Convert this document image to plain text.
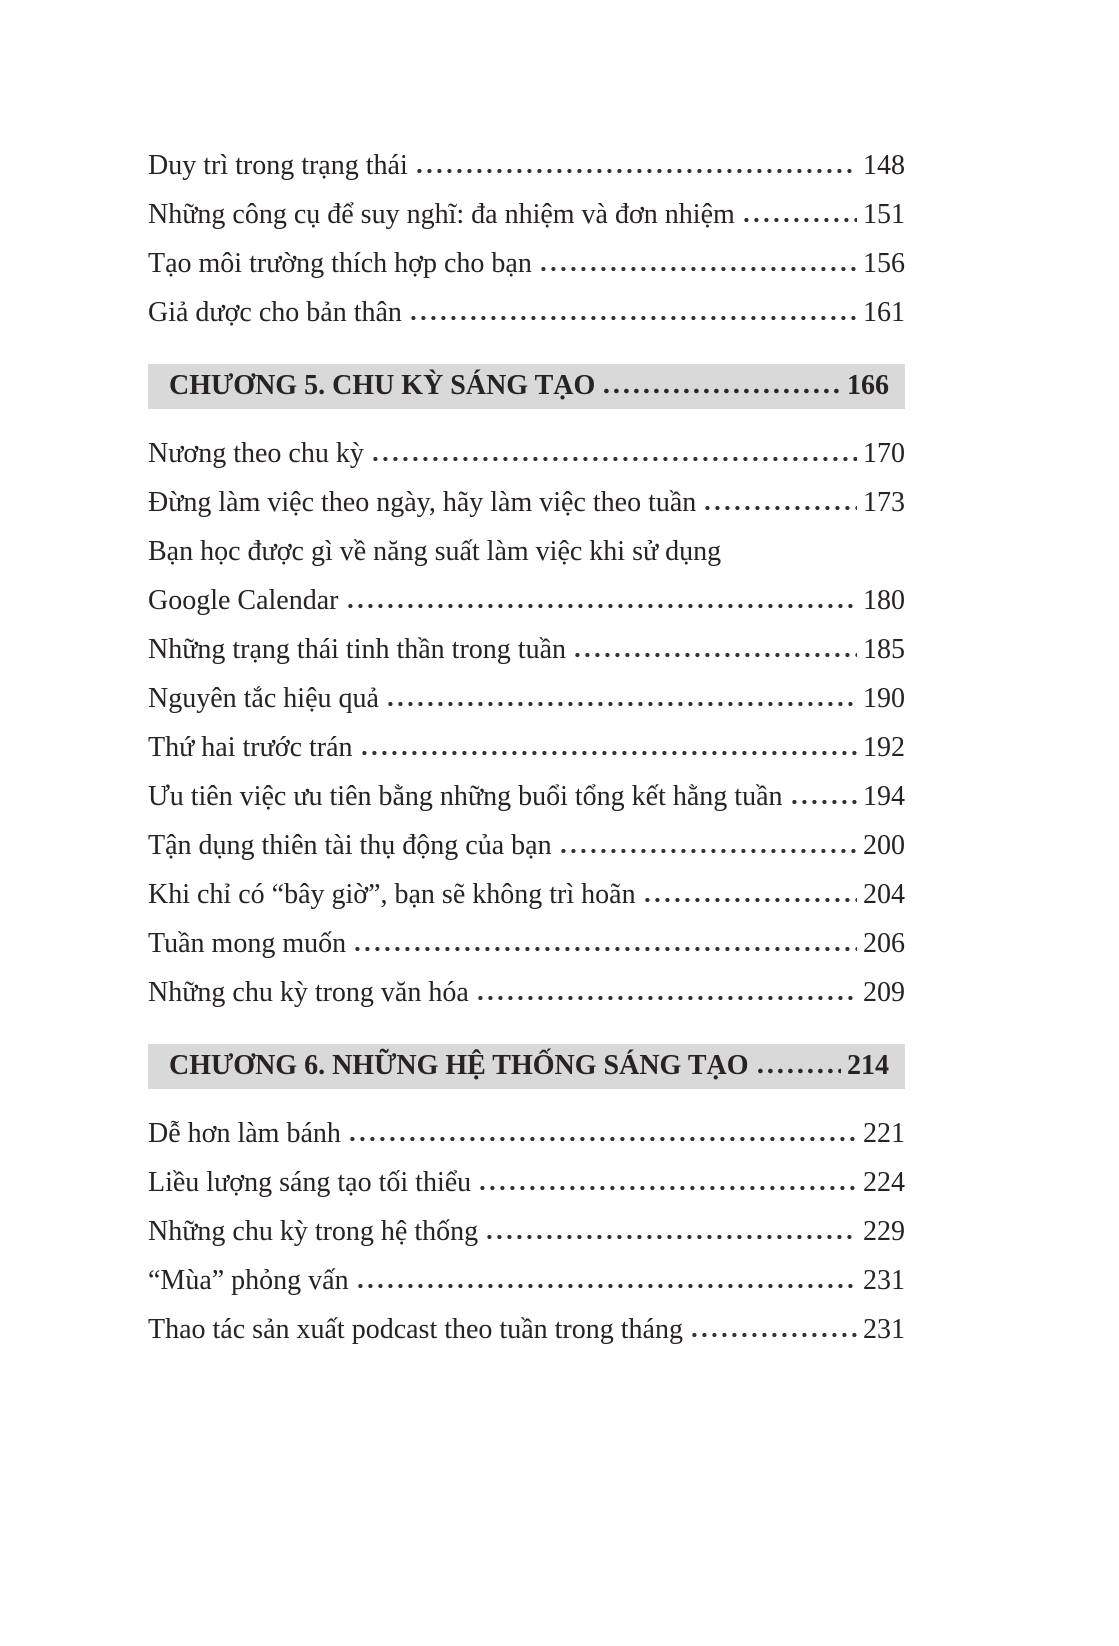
Duy trì trong trạng thái	148
Những công cụ để suy nghĩ: đa nhiệm và đơn nhiệm	151
Tạo môi trường thích hợp cho bạn	156
Giả dược cho bản thân	161
CHƯƠNG 5. CHU KỲ SÁNG TẠO	166
Nương theo chu kỳ	170
Đừng làm việc theo ngày, hãy làm việc theo tuần	173
Bạn học được gì về năng suất làm việc khi sử dụng
Google Calendar	180
Những trạng thái tinh thần trong tuần	185
Nguyên tắc hiệu quả	190
Thứ hai trước trán	192
Ưu tiên việc ưu tiên bằng những buổi tổng kết hằng tuần	194
Tận dụng thiên tài thụ động của bạn	200
Khi chỉ có “bây giờ”, bạn sẽ không trì hoãn	204
Tuần mong muốn	206
Những chu kỳ trong văn hóa	209
CHƯƠNG 6. NHỮNG HỆ THỐNG SÁNG TẠO	214
Dễ hơn làm bánh	221
Liều lượng sáng tạo tối thiểu	224
Những chu kỳ trong hệ thống	229
“Mùa” phỏng vấn	231
Thao tác sản xuất podcast theo tuần trong tháng	231
